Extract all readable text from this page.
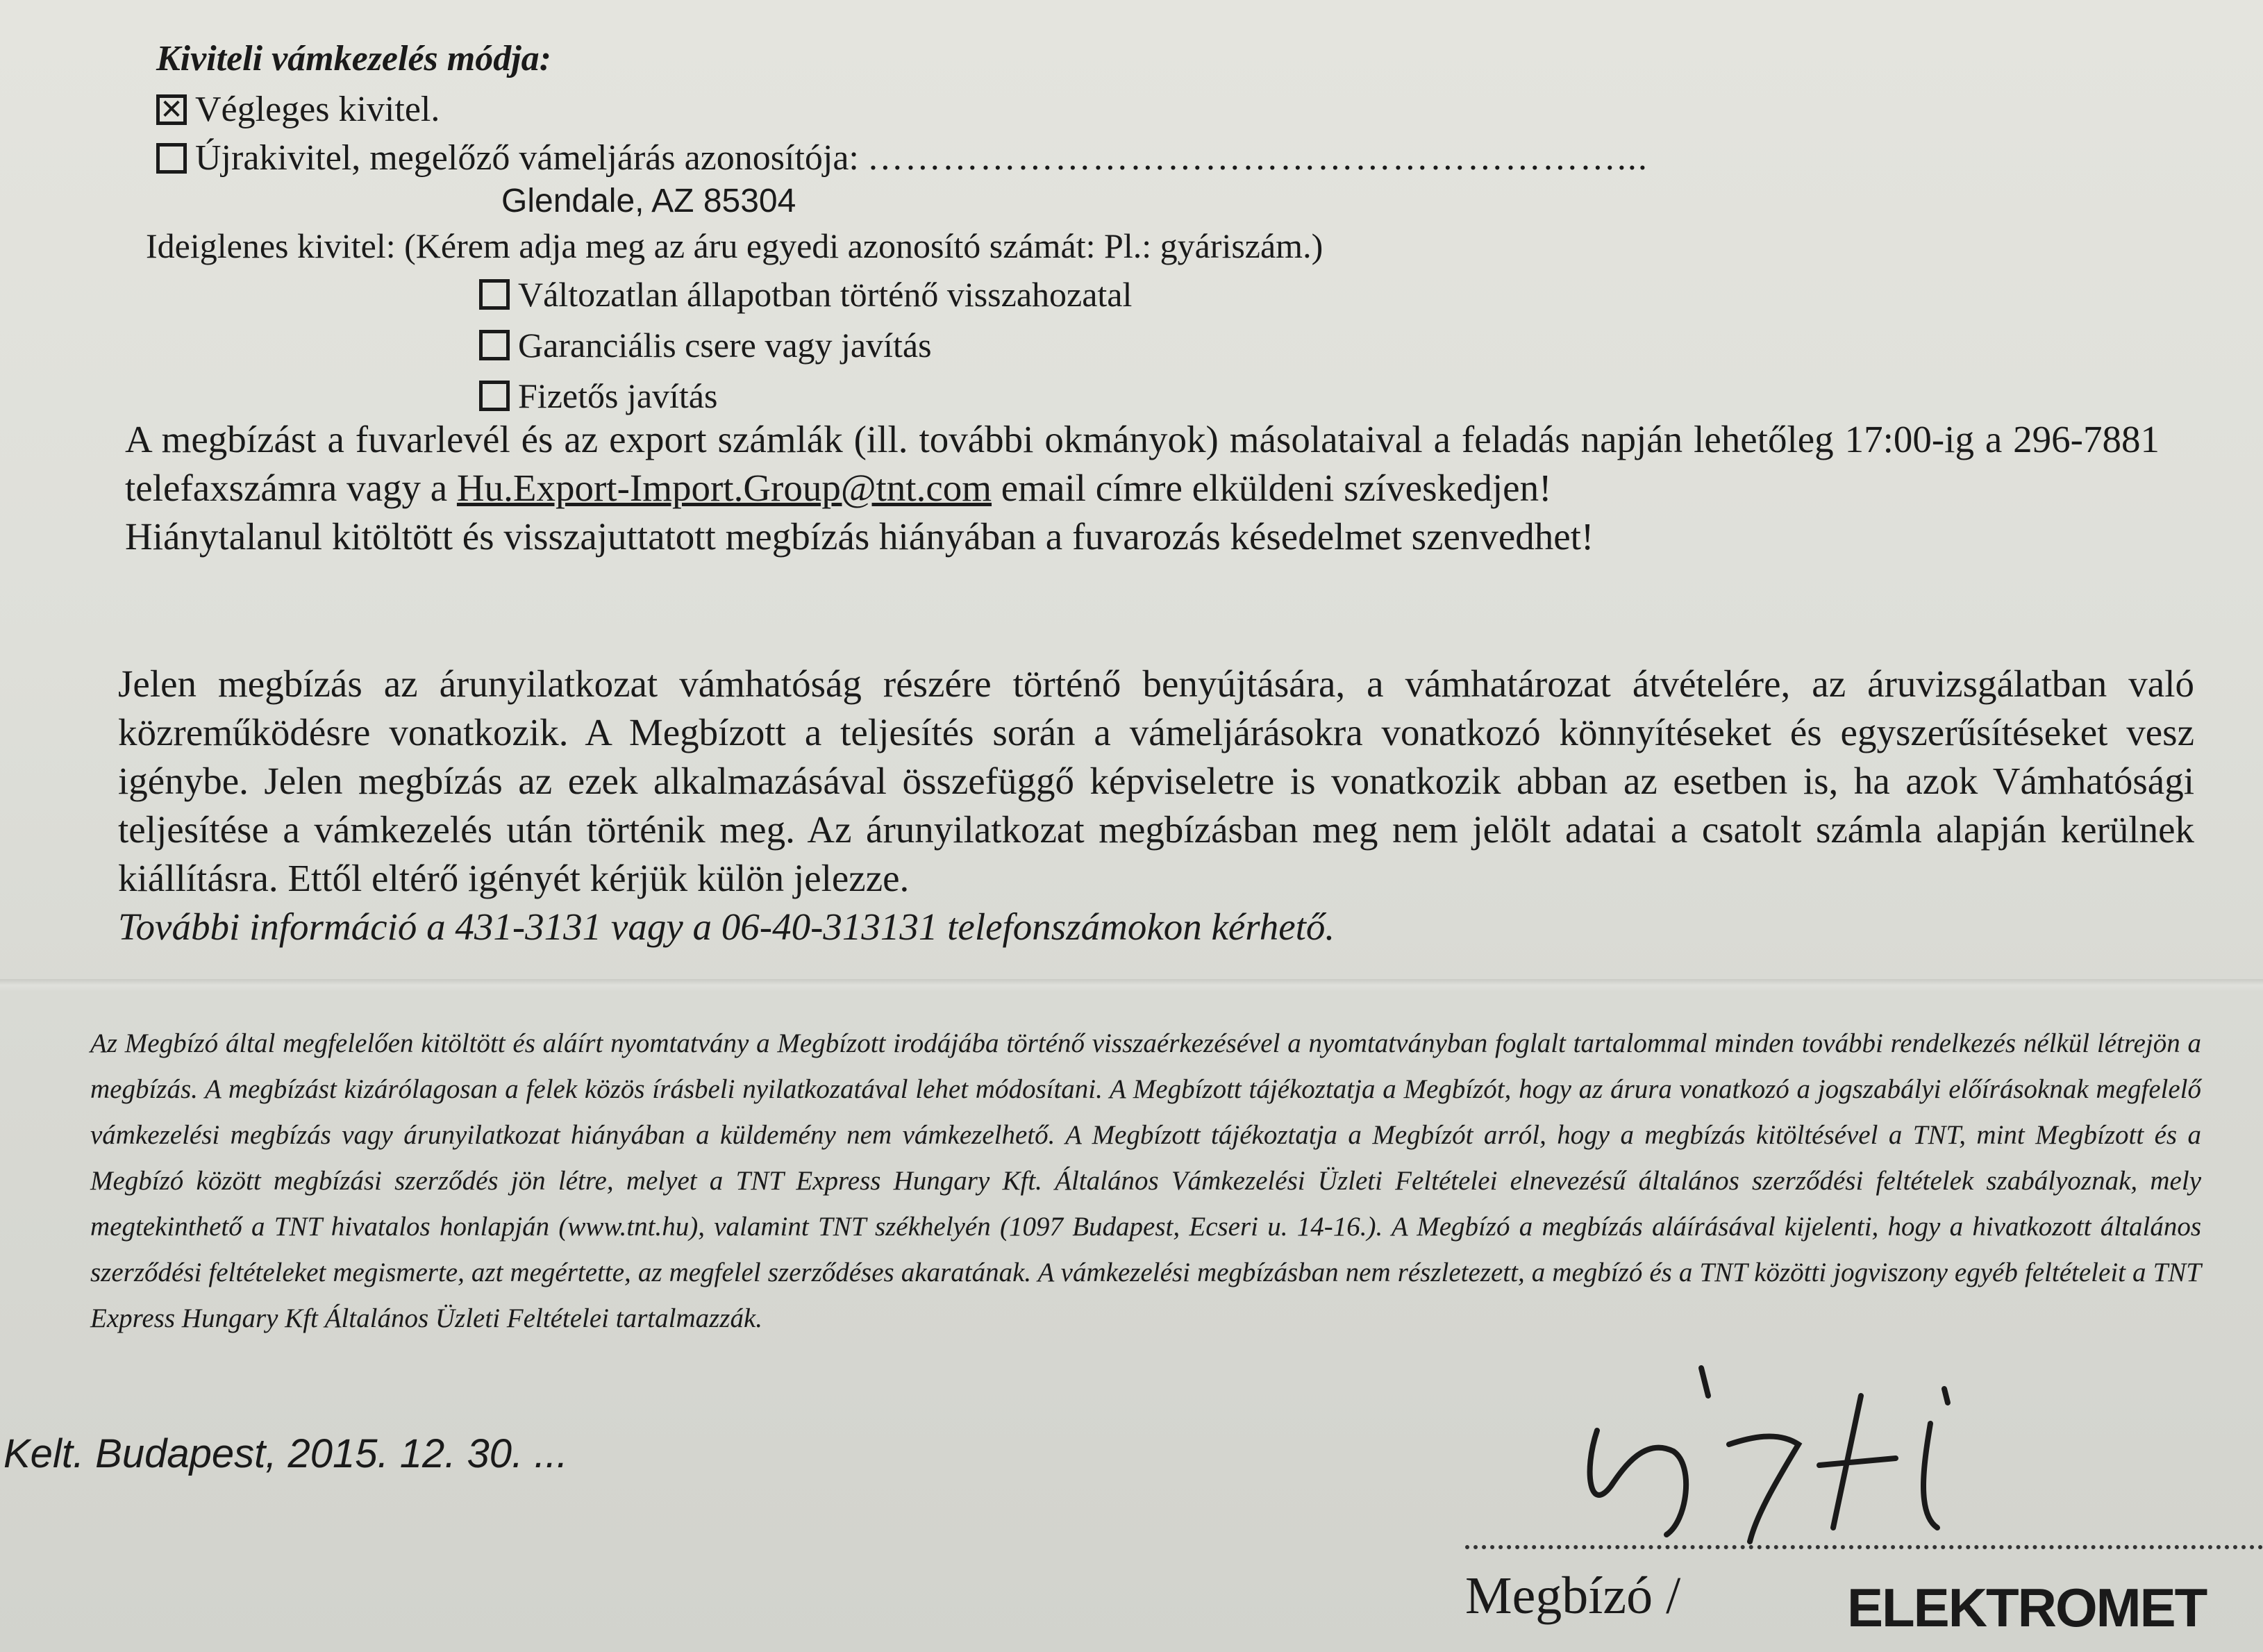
Kiviteli vámkezelés módja:
✕ Végleges kivitel.
Újrakivitel, megelőző vámeljárás azonosítója: ……………………………………………………...
Glendale, AZ 85304
Ideiglenes kivitel: (Kérem adja meg az áru egyedi azonosító számát: Pl.: gyáriszám.)
Változatlan állapotban történő visszahozatal
Garanciális csere vagy javítás
Fizetős javítás

A megbízást a fuvarlevél és az export számlák (ill. további okmányok) másolataival a feladás napján lehetőleg 17:00-ig a 296-7881 telefaxszámra vagy a Hu.Export-Import.Group@tnt.com email címre elküldeni szíveskedjen!

Hiánytalanul kitöltött és visszajuttatott megbízás hiányában a fuvarozás késedelmet szenvedhet!

Jelen megbízás az árunyilatkozat vámhatóság részére történő benyújtására, a vámhatározat átvételére, az áruvizsgálatban való közreműködésre vonatkozik. A Megbízott a teljesítés során a vámeljárásokra vonatkozó könnyítéseket és egyszerűsítéseket vesz igénybe. Jelen megbízás az ezek alkalmazásával összefüggő képviseletre is vonatkozik abban az esetben is, ha azok Vámhatósági teljesítése a vámkezelés után történik meg. Az árunyilatkozat megbízásban meg nem jelölt adatai a csatolt számla alapján kerülnek kiállításra. Ettől eltérő igényét kérjük külön jelezze.

További információ a 431-3131 vagy a 06-40-313131 telefonszámokon kérhető.

Az Megbízó által megfelelően kitöltött és aláírt nyomtatvány a Megbízott irodájába történő visszaérkezésével a nyomtatványban foglalt tartalommal minden további rendelkezés nélkül létrejön a megbízás. A megbízást kizárólagosan a felek közös írásbeli nyilatkozatával lehet módosítani. A Megbízott tájékoztatja a Megbízót, hogy az árura vonatkozó a jogszabályi előírásoknak megfelelő vámkezelési megbízás vagy árunyilatkozat hiányában a küldemény nem vámkezelhető. A Megbízott tájékoztatja a Megbízót arról, hogy a megbízás kitöltésével a TNT, mint Megbízott és a Megbízó között megbízási szerződés jön létre, melyet a TNT Express Hungary Kft. Általános Vámkezelési Üzleti Feltételei elnevezésű általános szerződési feltételek szabályoznak, mely megtekinthető a TNT hivatalos honlapján (www.tnt.hu), valamint TNT székhelyén (1097 Budapest, Ecseri u. 14-16.). A Megbízó a megbízás aláírásával kijelenti, hogy a hivatkozott általános szerződési feltételeket megismerte, azt megértette, az megfelel szerződéses akaratának. A vámkezelési megbízásban nem részletezett, a megbízó és a TNT közötti jogviszony egyéb feltételeit a TNT Express Hungary Kft Általános Üzleti Feltételei tartalmazzák.

Kelt. Budapest, 2015. 12. 30. ...
Megbízó /	ELEKTROMET
